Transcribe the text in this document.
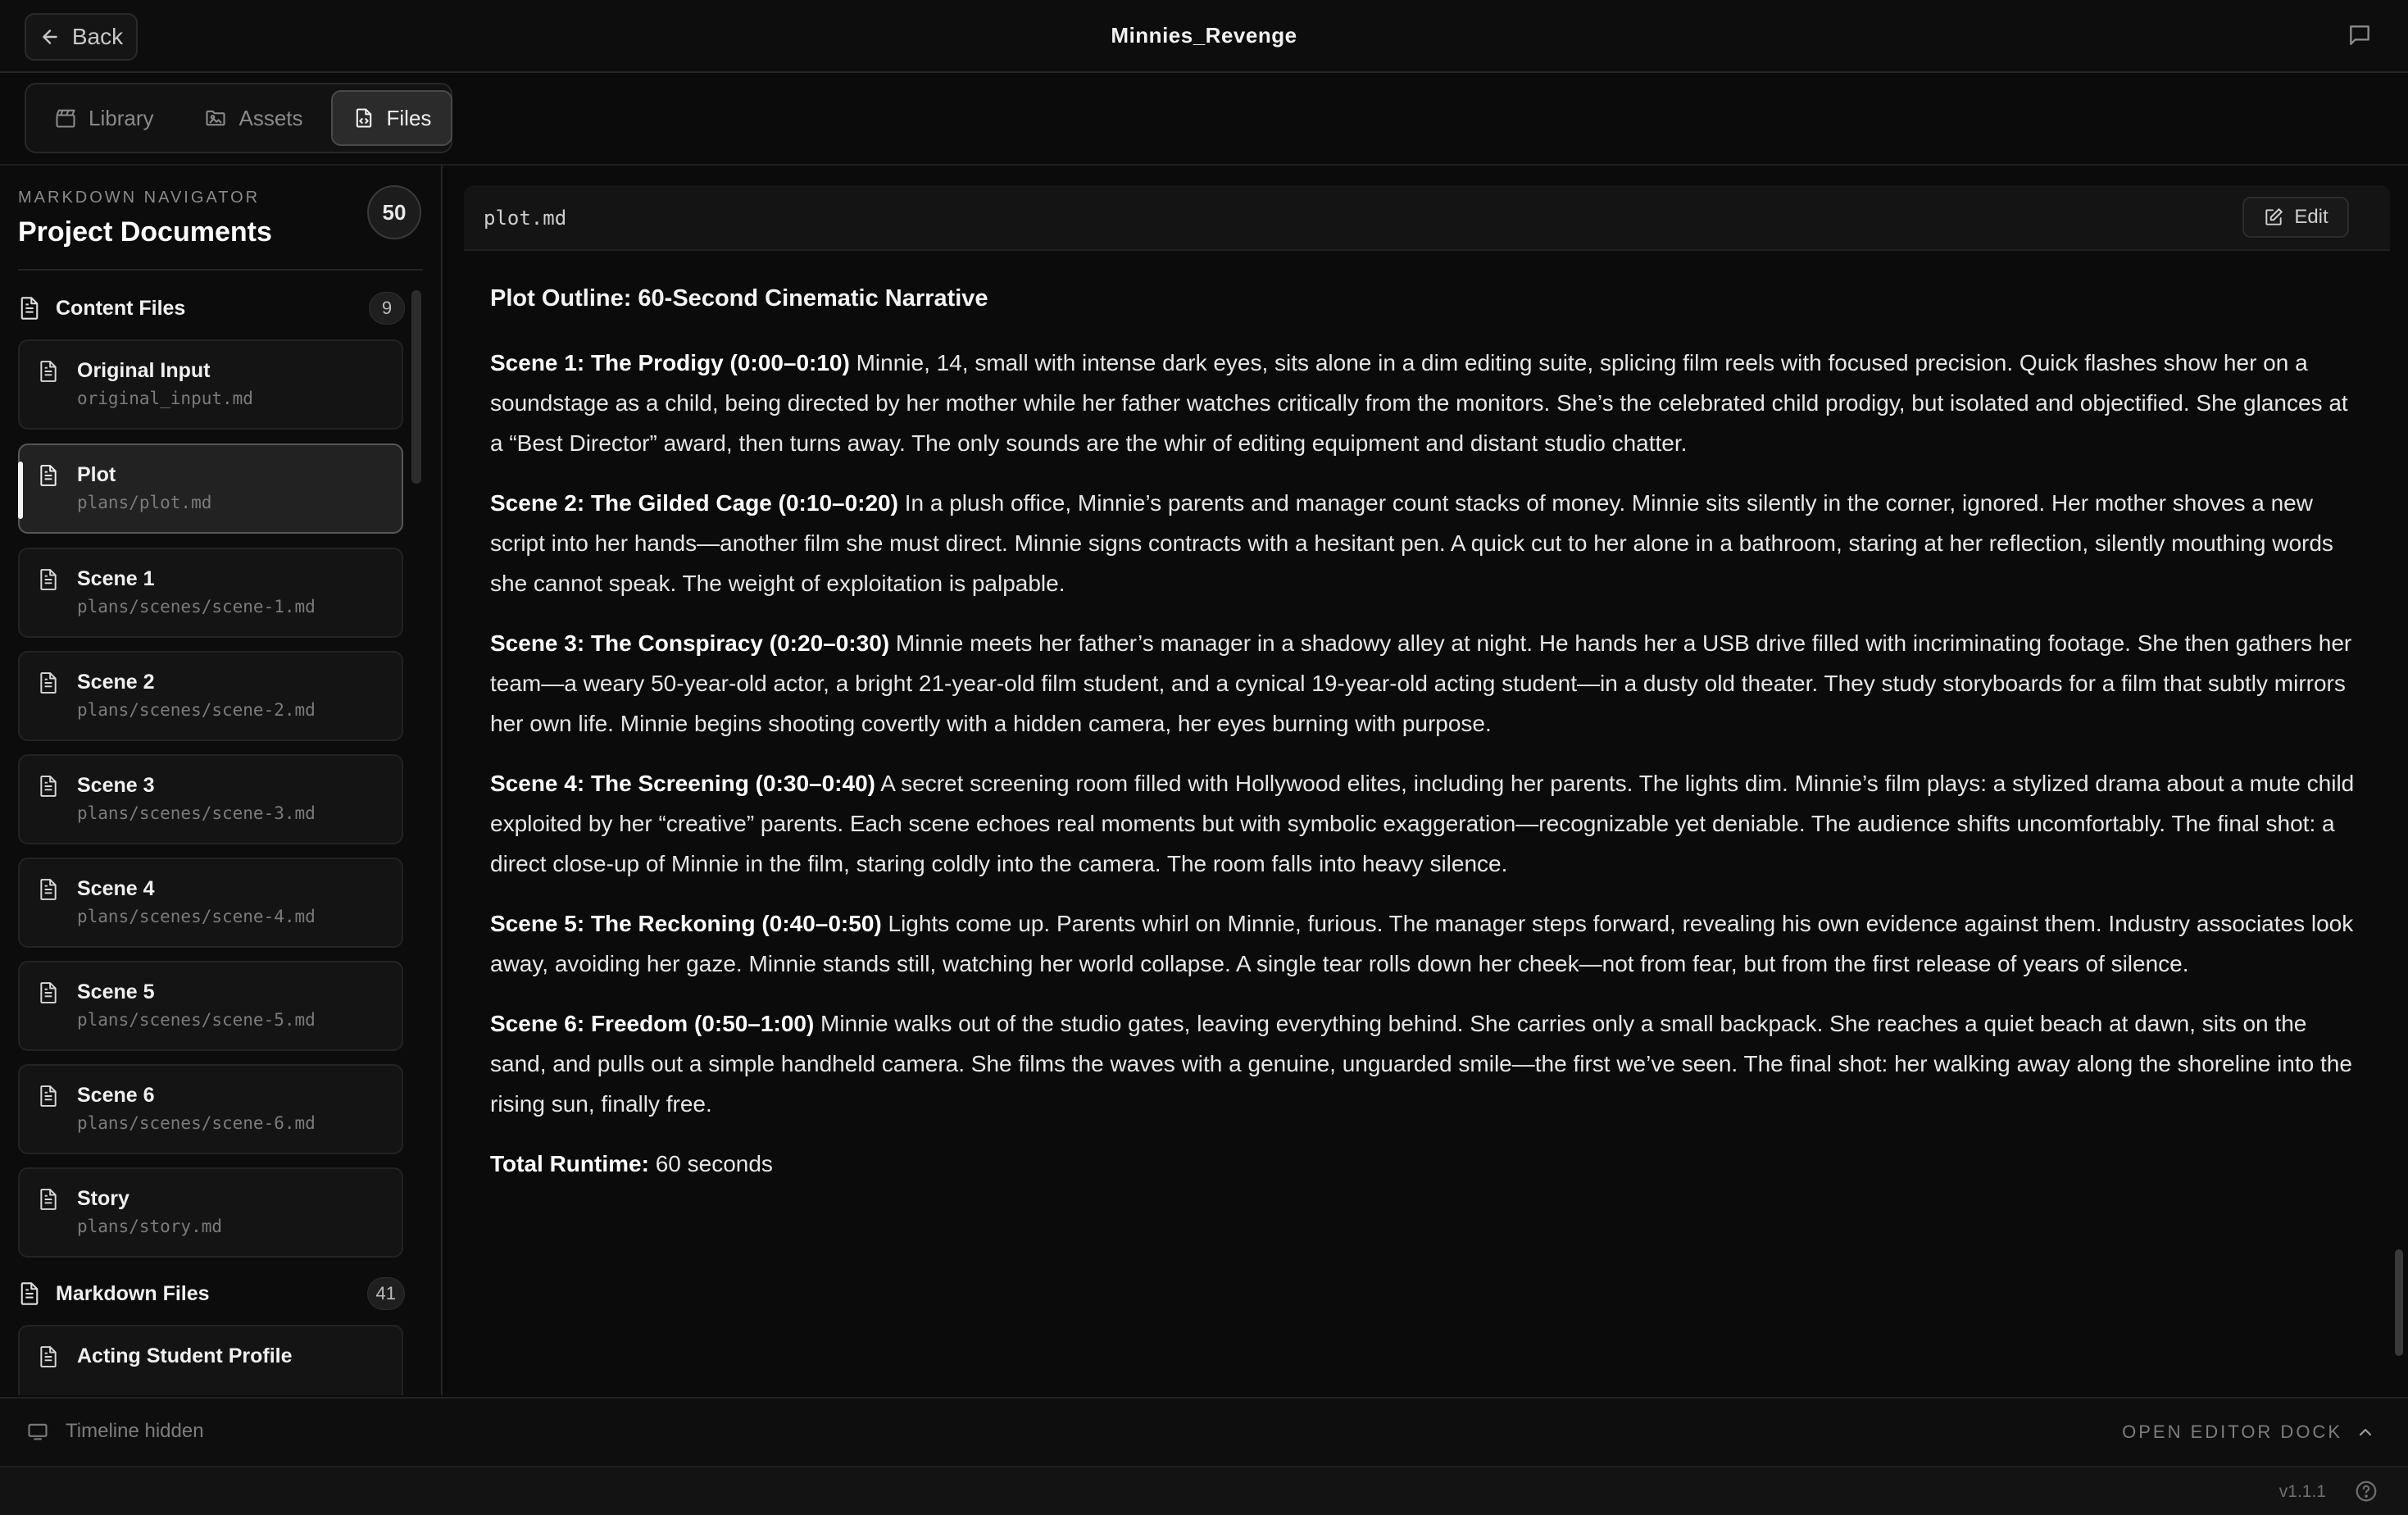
Back	Minnies_Revenge
Library	Assets	Files
MARKDOWN NAVIGATOR
Project Documents
50
Content Files	9
Original Input
original_input.md
Plot
plans/plot.md
Scene 1
plans/scenes/scene-1.md
Scene 2
plans/scenes/scene-2.md
Scene 3
plans/scenes/scene-3.md
Scene 4
plans/scenes/scene-4.md
Scene 5
plans/scenes/scene-5.md
Scene 6
plans/scenes/scene-6.md
Story
plans/story.md
Markdown Files	41
Acting Student Profile
plot.md	Edit
Plot Outline: 60-Second Cinematic Narrative

Scene 1: The Prodigy (0:00–0:10) Minnie, 14, small with intense dark eyes, sits alone in a dim editing suite, splicing film reels with focused precision. Quick flashes show her on a soundstage as a child, being directed by her mother while her father watches critically from the monitors. She’s the celebrated child prodigy, but isolated and objectified. She glances at a “Best Director” award, then turns away. The only sounds are the whir of editing equipment and distant studio chatter.

Scene 2: The Gilded Cage (0:10–0:20) In a plush office, Minnie’s parents and manager count stacks of money. Minnie sits silently in the corner, ignored. Her mother shoves a new script into her hands—another film she must direct. Minnie signs contracts with a hesitant pen. A quick cut to her alone in a bathroom, staring at her reflection, silently mouthing words she cannot speak. The weight of exploitation is palpable.

Scene 3: The Conspiracy (0:20–0:30) Minnie meets her father’s manager in a shadowy alley at night. He hands her a USB drive filled with incriminating footage. She then gathers her team—a weary 50-year-old actor, a bright 21-year-old film student, and a cynical 19-year-old acting student—in a dusty old theater. They study storyboards for a film that subtly mirrors her own life. Minnie begins shooting covertly with a hidden camera, her eyes burning with purpose.

Scene 4: The Screening (0:30–0:40) A secret screening room filled with Hollywood elites, including her parents. The lights dim. Minnie’s film plays: a stylized drama about a mute child exploited by her “creative” parents. Each scene echoes real moments but with symbolic exaggeration—recognizable yet deniable. The audience shifts uncomfortably. The final shot: a direct close-up of Minnie in the film, staring coldly into the camera. The room falls into heavy silence.

Scene 5: The Reckoning (0:40–0:50) Lights come up. Parents whirl on Minnie, furious. The manager steps forward, revealing his own evidence against them. Industry associates look away, avoiding her gaze. Minnie stands still, watching her world collapse. A single tear rolls down her cheek—not from fear, but from the first release of years of silence.

Scene 6: Freedom (0:50–1:00) Minnie walks out of the studio gates, leaving everything behind. She carries only a small backpack. She reaches a quiet beach at dawn, sits on the sand, and pulls out a simple handheld camera. She films the waves with a genuine, unguarded smile—the first we’ve seen. The final shot: her walking away along the shoreline into the rising sun, finally free.

Total Runtime: 60 seconds

Timeline hidden	OPEN EDITOR DOCK
v1.1.1
